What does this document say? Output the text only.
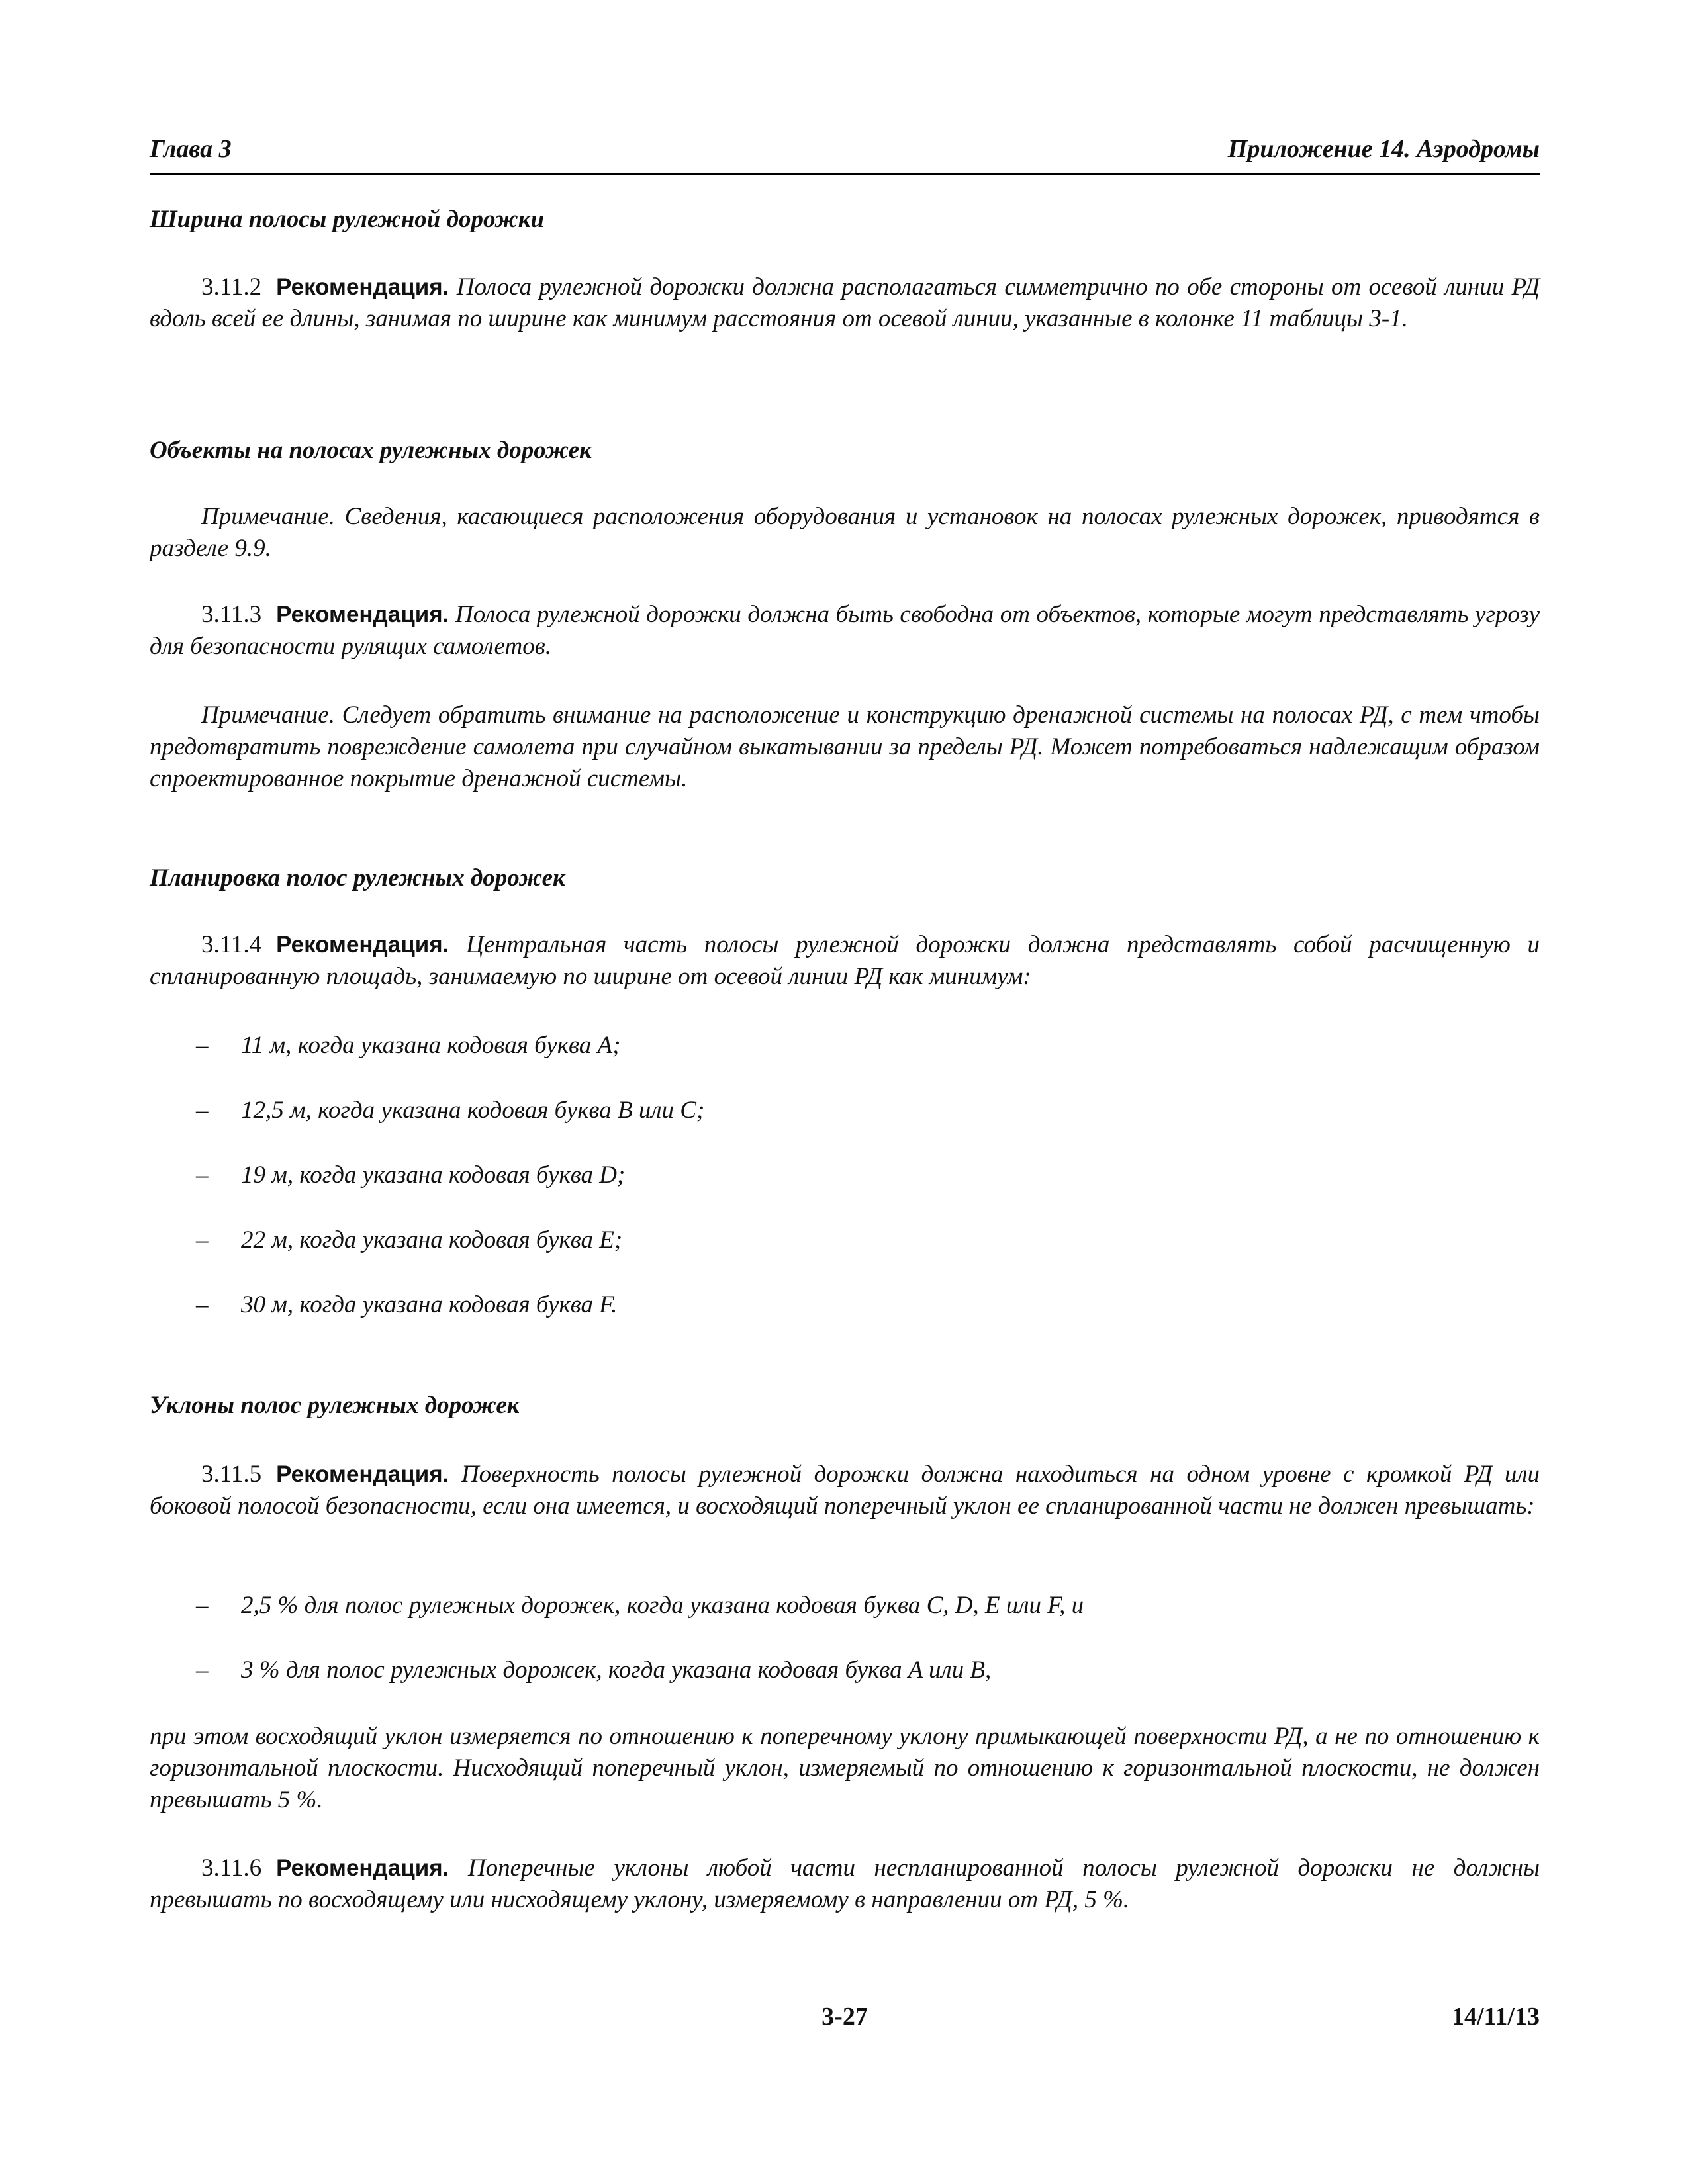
Глава 3	Приложение 14. Аэродромы
Ширина полосы рулежной дорожки
3.11.2 Рекомендация. Полоса рулежной дорожки должна располагаться симметрично по обе стороны от осевой линии РД вдоль всей ее длины, занимая по ширине как минимум расстояния от осевой линии, указанные в колонке 11 таблицы 3-1.
Объекты на полосах рулежных дорожек
Примечание. Сведения, касающиеся расположения оборудования и установок на полосах рулежных дорожек, приводятся в разделе 9.9.
3.11.3 Рекомендация. Полоса рулежной дорожки должна быть свободна от объектов, которые могут представлять угрозу для безопасности рулящих самолетов.
Примечание. Следует обратить внимание на расположение и конструкцию дренажной системы на полосах РД, с тем чтобы предотвратить повреждение самолета при случайном выкатывании за пределы РД. Может потребоваться надлежащим образом спроектированное покрытие дренажной системы.
Планировка полос рулежных дорожек
3.11.4 Рекомендация. Центральная часть полосы рулежной дорожки должна представлять собой расчищенную и спланированную площадь, занимаемую по ширине от осевой линии РД как минимум:
– 11 м, когда указана кодовая буква A;
– 12,5 м, когда указана кодовая буква B или C;
– 19 м, когда указана кодовая буква D;
– 22 м, когда указана кодовая буква E;
– 30 м, когда указана кодовая буква F.
Уклоны полос рулежных дорожек
3.11.5 Рекомендация. Поверхность полосы рулежной дорожки должна находиться на одном уровне с кромкой РД или боковой полосой безопасности, если она имеется, и восходящий поперечный уклон ее спланированной части не должен превышать:
– 2,5 % для полос рулежных дорожек, когда указана кодовая буква C, D, E или F, и
– 3 % для полос рулежных дорожек, когда указана кодовая буква A или B,
при этом восходящий уклон измеряется по отношению к поперечному уклону примыкающей поверхности РД, а не по отношению к горизонтальной плоскости. Нисходящий поперечный уклон, измеряемый по отношению к горизонтальной плоскости, не должен превышать 5 %.
3.11.6 Рекомендация. Поперечные уклоны любой части неспланированной полосы рулежной дорожки не должны превышать по восходящему или нисходящему уклону, измеряемому в направлении от РД, 5 %.
3-27	14/11/13
